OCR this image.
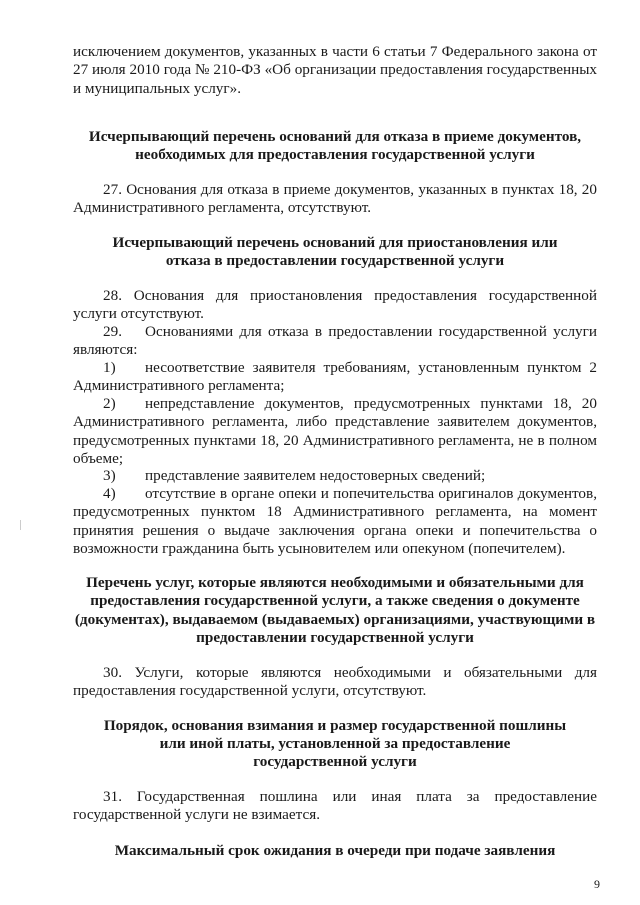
исключением документов, указанных в части 6 статьи 7 Федерального закона от 27 июля 2010 года № 210-ФЗ «Об организации предоставления государственных и муниципальных услуг».

Исчерпывающий перечень оснований для отказа в приеме документов, необходимых для предоставления государственной услуги

27. Основания для отказа в приеме документов, указанных в пунктах 18, 20 Административного регламента, отсутствуют.

Исчерпывающий перечень оснований для приостановления или

отказа в предоставлении государственной услуги

28. Основания для приостановления предоставления государственной услуги отсутствуют.

29. Основаниями для отказа в предоставлении государственной услуги являются:

1) несоответствие заявителя требованиям, установленным пунктом 2 Административного регламента;

2) непредставление документов, предусмотренных пунктами 18, 20 Административного регламента, либо представление заявителем документов, предусмотренных пунктами 18, 20 Административного регламента, не в полном объеме;

3) представление заявителем недостоверных сведений;

4) отсутствие в органе опеки и попечительства оригиналов документов, предусмотренных пунктом 18 Административного регламента, на момент принятия решения о выдаче заключения органа опеки и попечительства о возможности гражданина быть усыновителем или опекуном (попечителем).

Перечень услуг, которые являются необходимыми и обязательными для предоставления государственной услуги, а также сведения о документе (документах), выдаваемом (выдаваемых) организациями, участвующими в предоставлении государственной услуги

30. Услуги, которые являются необходимыми и обязательными для предоставления государственной услуги, отсутствуют.

Порядок, основания взимания и размер государственной пошлины

или иной платы, установленной за предоставление

государственной услуги

31. Государственная пошлина или иная плата за предоставление государственной услуги не взимается.

Максимальный срок ожидания в очереди при подаче заявления

9
